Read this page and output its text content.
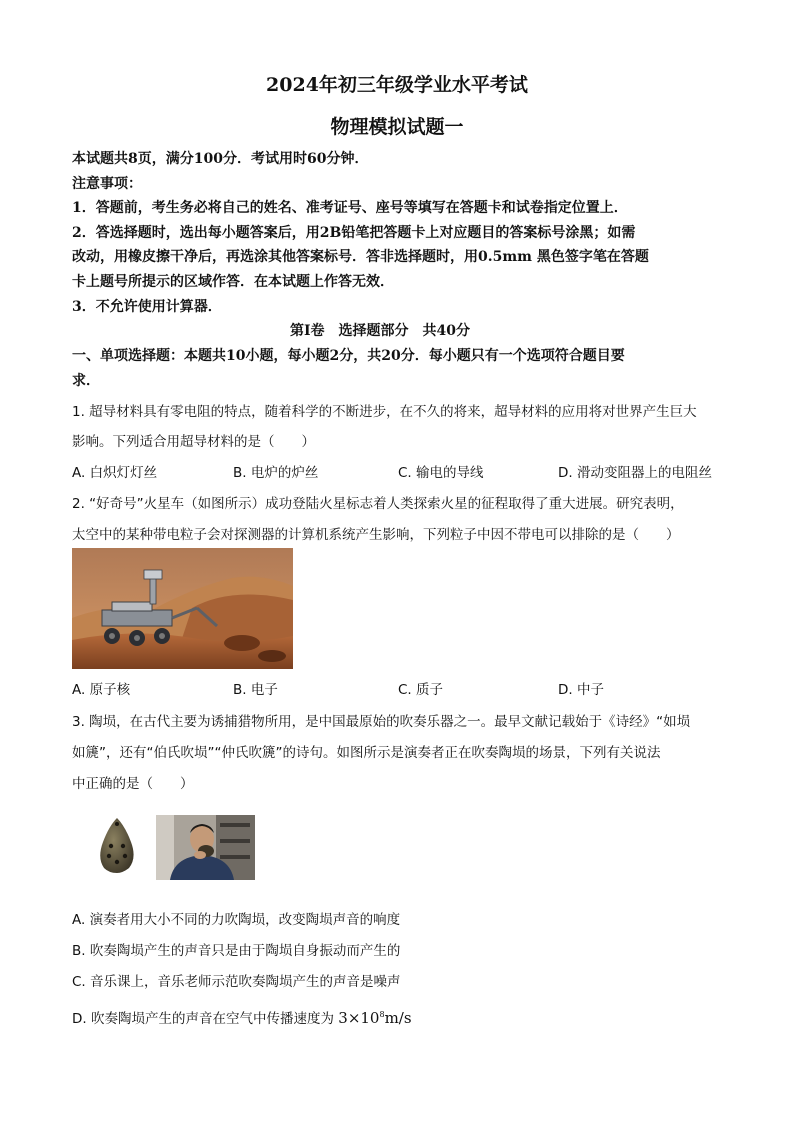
2024年初三年级学业水平考试
物理模拟试题一
本试题共8页，满分100分．考试用时60分钟．
注意事项：
1．答题前，考生务必将自己的姓名、准考证号、座号等填写在答题卡和试卷指定位置上．
2．答选择题时，选出每小题答案后，用2B铅笔把答题卡上对应题目的答案标号涂黑；如需
改动，用橡皮擦干净后，再选涂其他答案标号．答非选择题时，用0.5mm 黑色签字笔在答题
卡上题号所提示的区域作答．在本试题上作答无效．
3．不允许使用计算器．
第Ⅰ卷　选择题部分　共40分
一、单项选择题：本题共10小题，每小题2分，共20分．每小题只有一个选项符合题目要
求．
1. 超导材料具有零电阻的特点，随着科学的不断进步，在不久的将来，超导材料的应用将对世界产生巨大
影响。下列适合用超导材料的是（　　）
A. 白炽灯灯丝	B. 电炉的炉丝	C. 输电的导线	D. 滑动变阻器上的电阻丝
2. “好奇号”火星车（如图所示）成功登陆火星标志着人类探索火星的征程取得了重大进展。研究表明，
太空中的某种带电粒子会对探测器的计算机系统产生影响，下列粒子中因不带电可以排除的是（　　）
A. 原子核	B. 电子	C. 质子	D. 中子
3. 陶埙，在古代主要为诱捕猎物所用，是中国最原始的吹奏乐器之一。最早文献记载始于《诗经》“如埙
如篪”，还有“伯氏吹埙”“仲氏吹篪”的诗句。如图所示是演奏者正在吹奏陶埙的场景，下列有关说法
中正确的是（　　）
A. 演奏者用大小不同的力吹陶埙，改变陶埙声音的响度
B. 吹奏陶埙产生的声音只是由于陶埙自身振动而产生的
C. 音乐课上，音乐老师示范吹奏陶埙产生的声音是噪声
D. 吹奏陶埙产生的声音在空气中传播速度为 $3\times 10^8m/s$
